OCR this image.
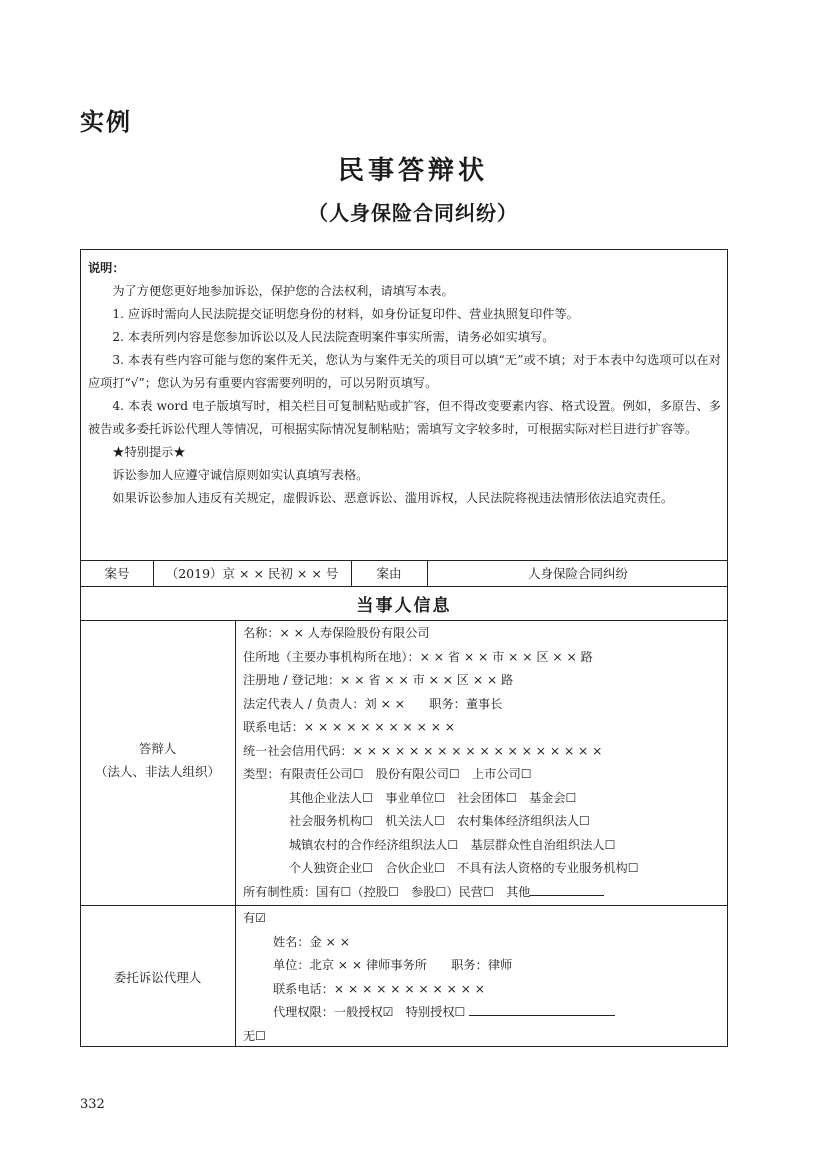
实例
民事答辩状
（人身保险合同纠纷）

说明：

为了方便您更好地参加诉讼，保护您的合法权利，请填写本表。

1. 应诉时需向人民法院提交证明您身份的材料，如身份证复印件、营业执照复印件等。

2. 本表所列内容是您参加诉讼以及人民法院查明案件事实所需，请务必如实填写。

3. 本表有些内容可能与您的案件无关，您认为与案件无关的项目可以填“无”或不填；对于本表中勾选项可以在对应项打“√”；您认为另有重要内容需要列明的，可以另附页填写。

4. 本表 word 电子版填写时，相关栏目可复制粘贴或扩容，但不得改变要素内容、格式设置。例如，多原告、多被告或多委托诉讼代理人等情况，可根据实际情况复制粘贴；需填写文字较多时，可根据实际对栏目进行扩容等。

★特别提示★

诉讼参加人应遵守诚信原则如实认真填写表格。

如果诉讼参加人违反有关规定，虚假诉讼、恶意诉讼、滥用诉权，人民法院将视违法情形依法追究责任。

案号	（2019）京 × × 民初 × × 号	案由	人身保险合同纠纷
当事人信息
答辩人
（法人、非法人组织）
名称：× × 人寿保险股份有限公司
住所地（主要办事机构所在地）：× × 省 × × 市 × × 区 × × 路
注册地 / 登记地：× × 省 × × 市 × × 区 × × 路
法定代表人 / 负责人：刘 × ×　　职务：董事长
联系电话：× × × × × × × × × × ×
统一社会信用代码：× × × × × × × × × × × × × × × × × ×
类型：有限责任公司☐　股份有限公司☐　上市公司☐
其他企业法人☐　事业单位☐　社会团体☐　基金会☐
社会服务机构☐　机关法人☐　农村集体经济组织法人☐
城镇农村的合作经济组织法人☐　基层群众性自治组织法人☐
个人独资企业☐　合伙企业☐　不具有法人资格的专业服务机构☐
所有制性质：国有☐（控股☐　参股☐）民营☐　其他
委托诉讼代理人
有☑
姓名：金 × ×
单位：北京 × × 律师事务所　　职务：律师
联系电话：× × × × × × × × × × ×
代理权限：一般授权☑　特别授权☐
无☐

332
